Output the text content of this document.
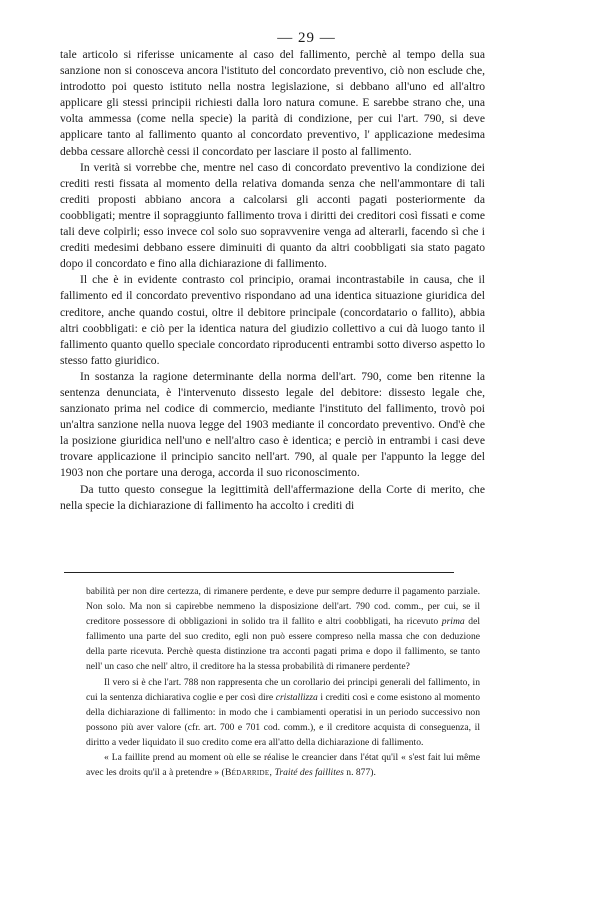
— 29 —

tale articolo si riferisse unicamente al caso del fallimento, perchè al tempo della sua sanzione non si conosceva ancora l'istituto del concordato preventivo, ciò non esclude che, introdotto poi questo istituto nella nostra legislazione, si debbano all'uno ed all'altro applicare gli stessi principii richiesti dalla loro natura comune. E sarebbe strano che, una volta ammessa (come nella specie) la parità di condizione, per cui l'art. 790, si deve applicare tanto al fallimento quanto al concordato preventivo, l' applicazione medesima debba cessare allorchè cessi il concordato per lasciare il posto al fallimento.

In verità si vorrebbe che, mentre nel caso di concordato preventivo la condizione dei crediti resti fissata al momento della relativa domanda senza che nell'ammontare di tali crediti proposti abbiano ancora a calcolarsi gli acconti pagati posteriormente da coobbligati; mentre il sopraggiunto fallimento trova i diritti dei creditori così fissati e come tali deve colpirli; esso invece col solo suo sopravvenire venga ad alterarli, facendo sì che i crediti medesimi debbano essere diminuiti di quanto da altri coobbligati sia stato pagato dopo il concordato e fino alla dichiarazione di fallimento.

Il che è in evidente contrasto col principio, oramai incontrastabile in causa, che il fallimento ed il concordato preventivo rispondano ad una identica situazione giuridica del creditore, anche quando costui, oltre il debitore principale (concordatario o fallito), abbia altri coobbligati: e ciò per la identica natura del giudizio collettivo a cui dà luogo tanto il fallimento quanto quello speciale concordato riproducenti entrambi sotto diverso aspetto lo stesso fatto giuridico.

In sostanza la ragione determinante della norma dell'art. 790, come ben ritenne la sentenza denunciata, è l'intervenuto dissesto legale del debitore: dissesto legale che, sanzionato prima nel codice di commercio, mediante l'instituto del fallimento, trovò poi un'altra sanzione nella nuova legge del 1903 mediante il concordato preventivo. Ond'è che la posizione giuridica nell'uno e nell'altro caso è identica; e perciò in entrambi i casi deve trovare applicazione il principio sancito nell'art. 790, al quale per l'appunto la legge del 1903 non che portare una deroga, accorda il suo riconoscimento.

Da tutto questo consegue la legittimità dell'affermazione della Corte di merito, che nella specie la dichiarazione di fallimento ha accolto i crediti di

babilità per non dire certezza, di rimanere perdente, e deve pur sempre dedurre il pagamento parziale. Non solo. Ma non si capirebbe nemmeno la disposizione dell'art. 790 cod. comm., per cui, se il creditore possessore di obbligazioni in solido tra il fallito e altri coobbligati, ha ricevuto prima del fallimento una parte del suo credito, egli non può essere compreso nella massa che con deduzione della parte ricevuta. Perchè questa distinzione tra acconti pagati prima e dopo il fallimento, se tanto nell' un caso che nell' altro, il creditore ha la stessa probabilità di rimanere perdente?

Il vero si è che l'art. 788 non rappresenta che un corollario dei principi generali del fallimento, in cui la sentenza dichiarativa coglie e per così dire cristallizza i crediti così e come esistono al momento della dichiarazione di fallimento: in modo che i cambiamenti operatisi in un periodo successivo non possono più aver valore (cfr. art. 700 e 701 cod. comm.), e il creditore acquista di conseguenza, il diritto a veder liquidato il suo credito come era all'atto della dichiarazione di fallimento.

« La faillite prend au moment où elle se réalise le creancier dans l'état qu'il « s'est fait lui même avec les droits qu'il a à pretendre » (Bédarride, Traité des faillites n. 877).
